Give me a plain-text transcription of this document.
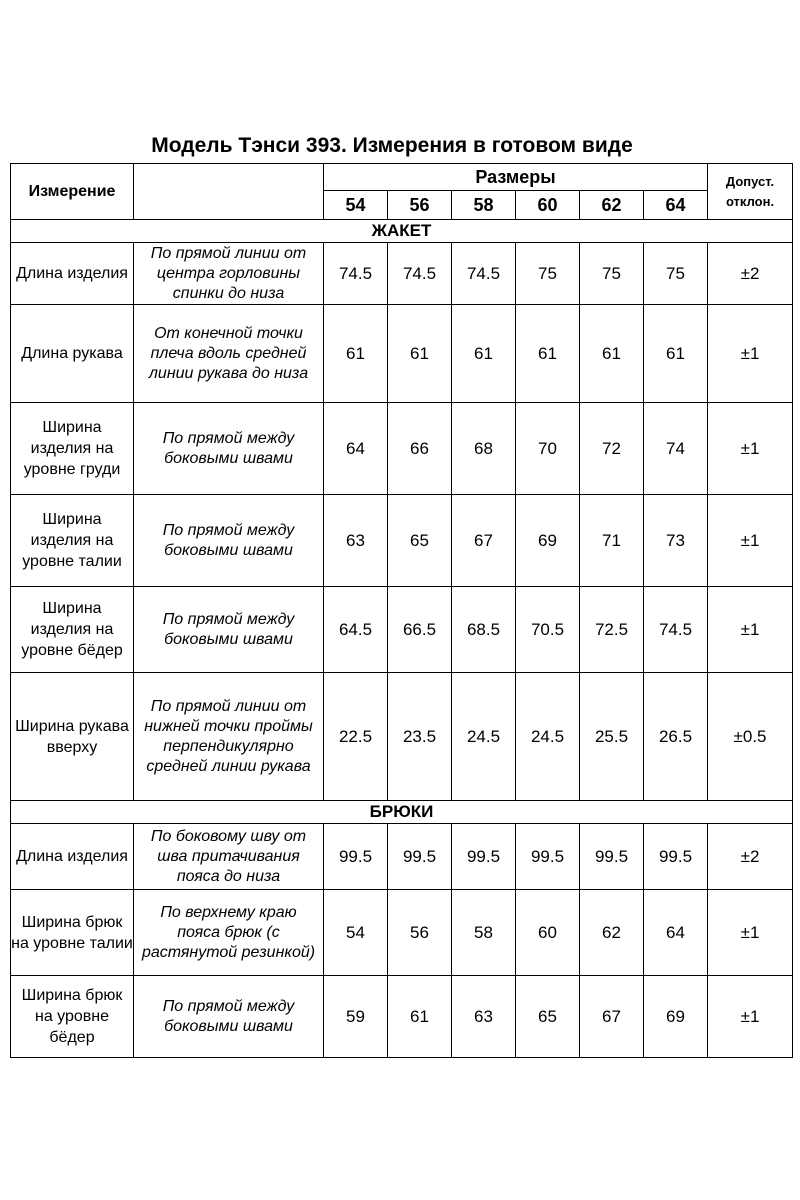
Модель Тэнси 393. Измерения в готовом виде
Измерение		Размеры						Допуст. отклон.
		54	56	58	60	62	64	
ЖАКЕТ								
Длина изделия	По прямой линии от центра горловины спинки до низа	74.5	74.5	74.5	75	75	75	±2
Длина рукава	От конечной точки плеча вдоль средней линии рукава до низа	61	61	61	61	61	61	±1
Ширина изделия на уровне груди	По прямой между боковыми швами	64	66	68	70	72	74	±1
Ширина изделия на уровне талии	По прямой между боковыми швами	63	65	67	69	71	73	±1
Ширина изделия на уровне бёдер	По прямой между боковыми швами	64.5	66.5	68.5	70.5	72.5	74.5	±1
Ширина рукава вверху	По прямой линии от нижней точки проймы перпендикулярно средней линии рукава	22.5	23.5	24.5	24.5	25.5	26.5	±0.5
БРЮКИ								
Длина изделия	По боковому шву от шва притачивания пояса до низа	99.5	99.5	99.5	99.5	99.5	99.5	±2
Ширина брюк на уровне талии	По верхнему краю пояса брюк (с растянутой резинкой)	54	56	58	60	62	64	±1
Ширина брюк на уровне бёдер	По прямой между боковыми швами	59	61	63	65	67	69	±1
